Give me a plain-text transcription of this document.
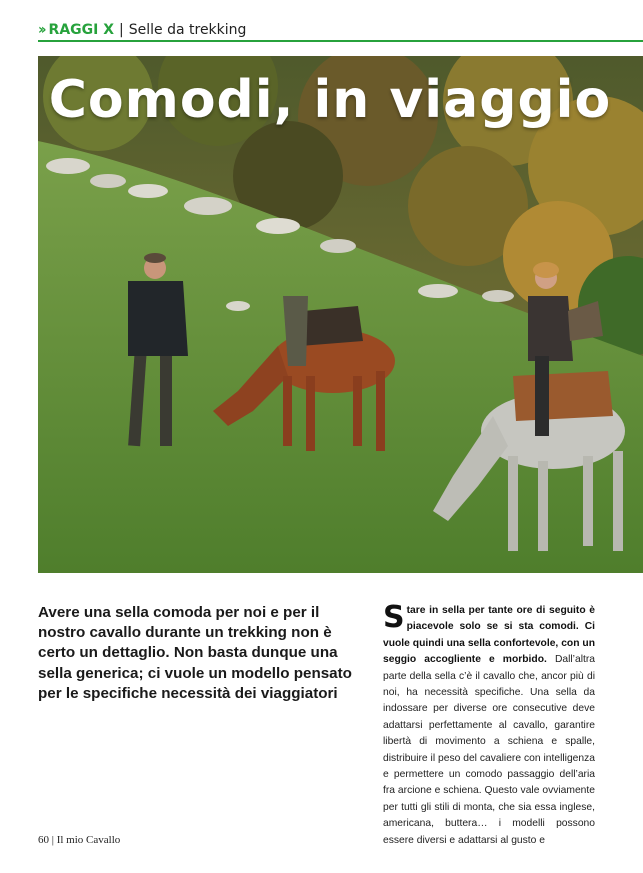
›› RAGGI X | Selle da trekking
Comodi, in viaggio

Avere una sella comoda per noi e per il nostro cavallo durante un trekking non è certo un dettaglio. Non basta dunque una sella generica; ci vuole un modello pensato per le specifiche necessità dei viaggiatori

Stare in sella per tante ore di seguito è piacevole solo se si sta comodi. Ci vuole quindi una sella confortevole, con un seggio accogliente e morbido. Dall’altra parte della sella c’è il cavallo che, ancor più di noi, ha necessità specifiche. Una sella da indossare per diverse ore consecutive deve adattarsi perfettamente al cavallo, garantire libertà di movimento a schiena e spalle, distribuire il peso del cavaliere con intelligenza e permettere un comodo passaggio dell’aria fra arcione e schiena. Questo vale ovviamente per tutti gli stili di monta, che sia essa inglese, americana, buttera… i modelli possono essere diversi e adattarsi al gusto e
60 | Il mio Cavallo
